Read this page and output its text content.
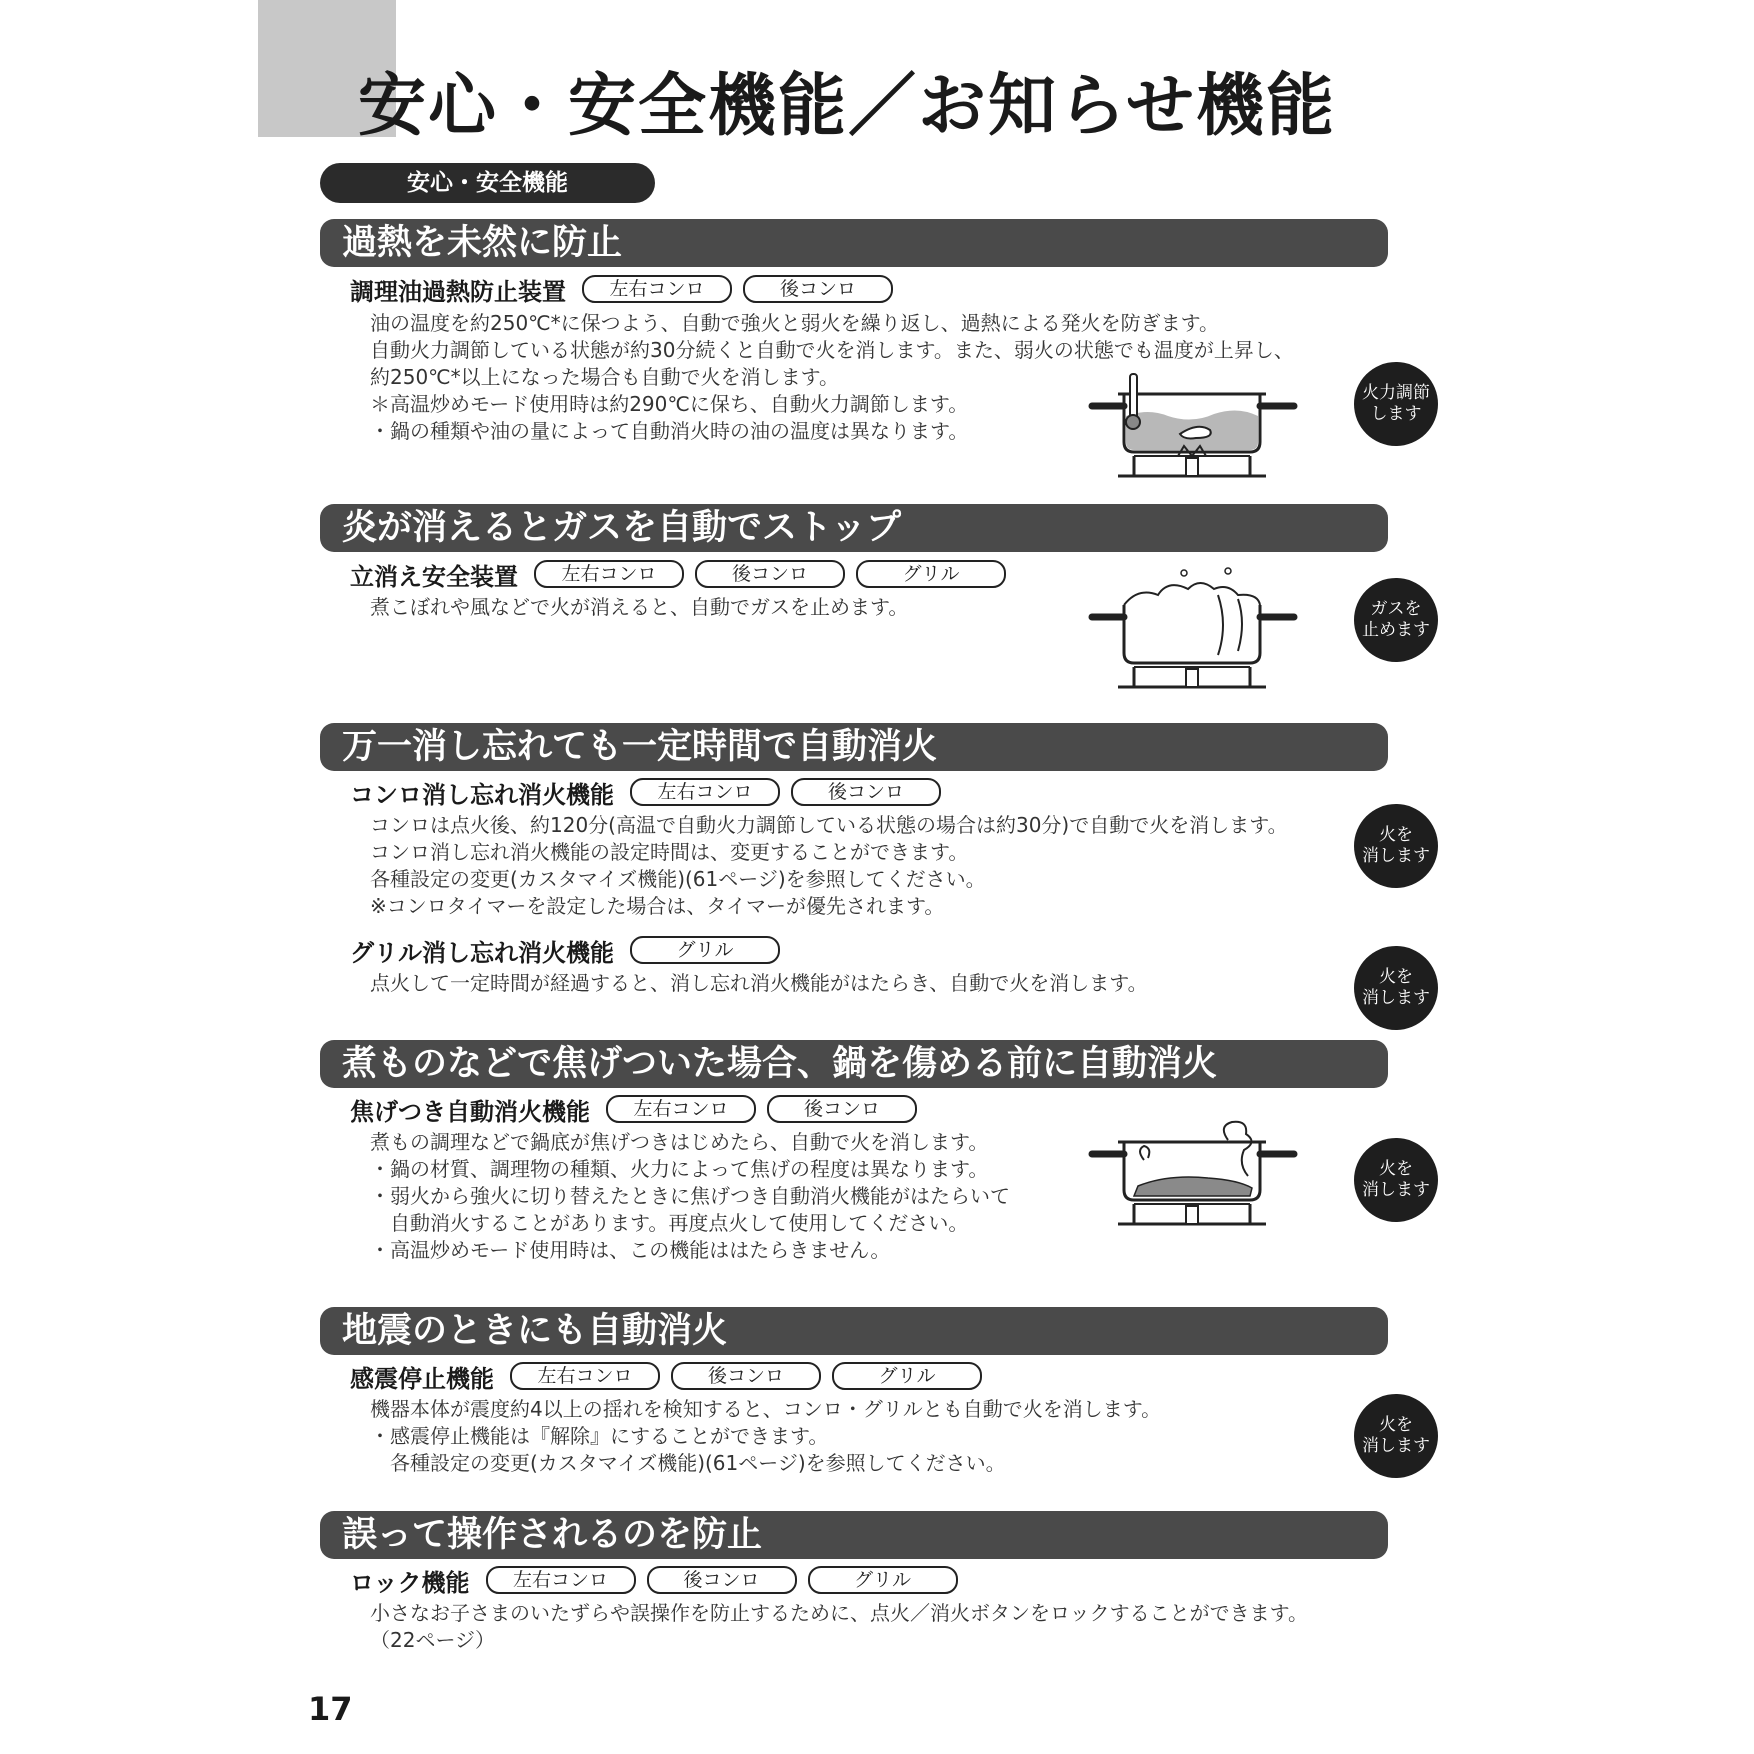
安心・安全機能／お知らせ機能
安心・安全機能
過熱を未然に防止
調理油過熱防止装置	左右コンロ	後コンロ
油の温度を約250℃*に保つよう、自動で強火と弱火を繰り返し、過熱による発火を防ぎます。
自動火力調節している状態が約30分続くと自動で火を消します。また、弱火の状態でも温度が上昇し、
約250℃*以上になった場合も自動で火を消します。
＊高温炒めモード使用時は約290℃に保ち、自動火力調節します。
・鍋の種類や油の量によって自動消火時の油の温度は異なります。
火力調節
します
炎が消えるとガスを自動でストップ
立消え安全装置	左右コンロ	後コンロ	グリル
煮こぼれや風などで火が消えると、自動でガスを止めます。	ガスを
止めます
万一消し忘れても一定時間で自動消火
コンロ消し忘れ消火機能	左右コンロ	後コンロ
コンロは点火後、約120分(高温で自動火力調節している状態の場合は約30分)で自動で火を消します。
コンロ消し忘れ消火機能の設定時間は、変更することができます。
各種設定の変更(カスタマイズ機能)(61ページ)を参照してください。
※コンロタイマーを設定した場合は、タイマーが優先されます。
火を
消します
グリル消し忘れ消火機能	グリル
点火して一定時間が経過すると、消し忘れ消火機能がはたらき、自動で火を消します。	火を
消します
煮ものなどで焦げついた場合、鍋を傷める前に自動消火
焦げつき自動消火機能	左右コンロ	後コンロ
煮もの調理などで鍋底が焦げつきはじめたら、自動で火を消します。
・鍋の材質、調理物の種類、火力によって焦げの程度は異なります。
・弱火から強火に切り替えたときに焦げつき自動消火機能がはたらいて
　自動消火することがあります。再度点火して使用してください。
・高温炒めモード使用時は、この機能ははたらきません。
火を
消します
地震のときにも自動消火
感震停止機能	左右コンロ	後コンロ	グリル
機器本体が震度約4以上の揺れを検知すると、コンロ・グリルとも自動で火を消します。
・感震停止機能は『解除』にすることができます。
　各種設定の変更(カスタマイズ機能)(61ページ)を参照してください。
火を
消します
誤って操作されるのを防止
ロック機能	左右コンロ	後コンロ	グリル
小さなお子さまのいたずらや誤操作を防止するために、点火／消火ボタンをロックすることができます。
（22ページ）
17
